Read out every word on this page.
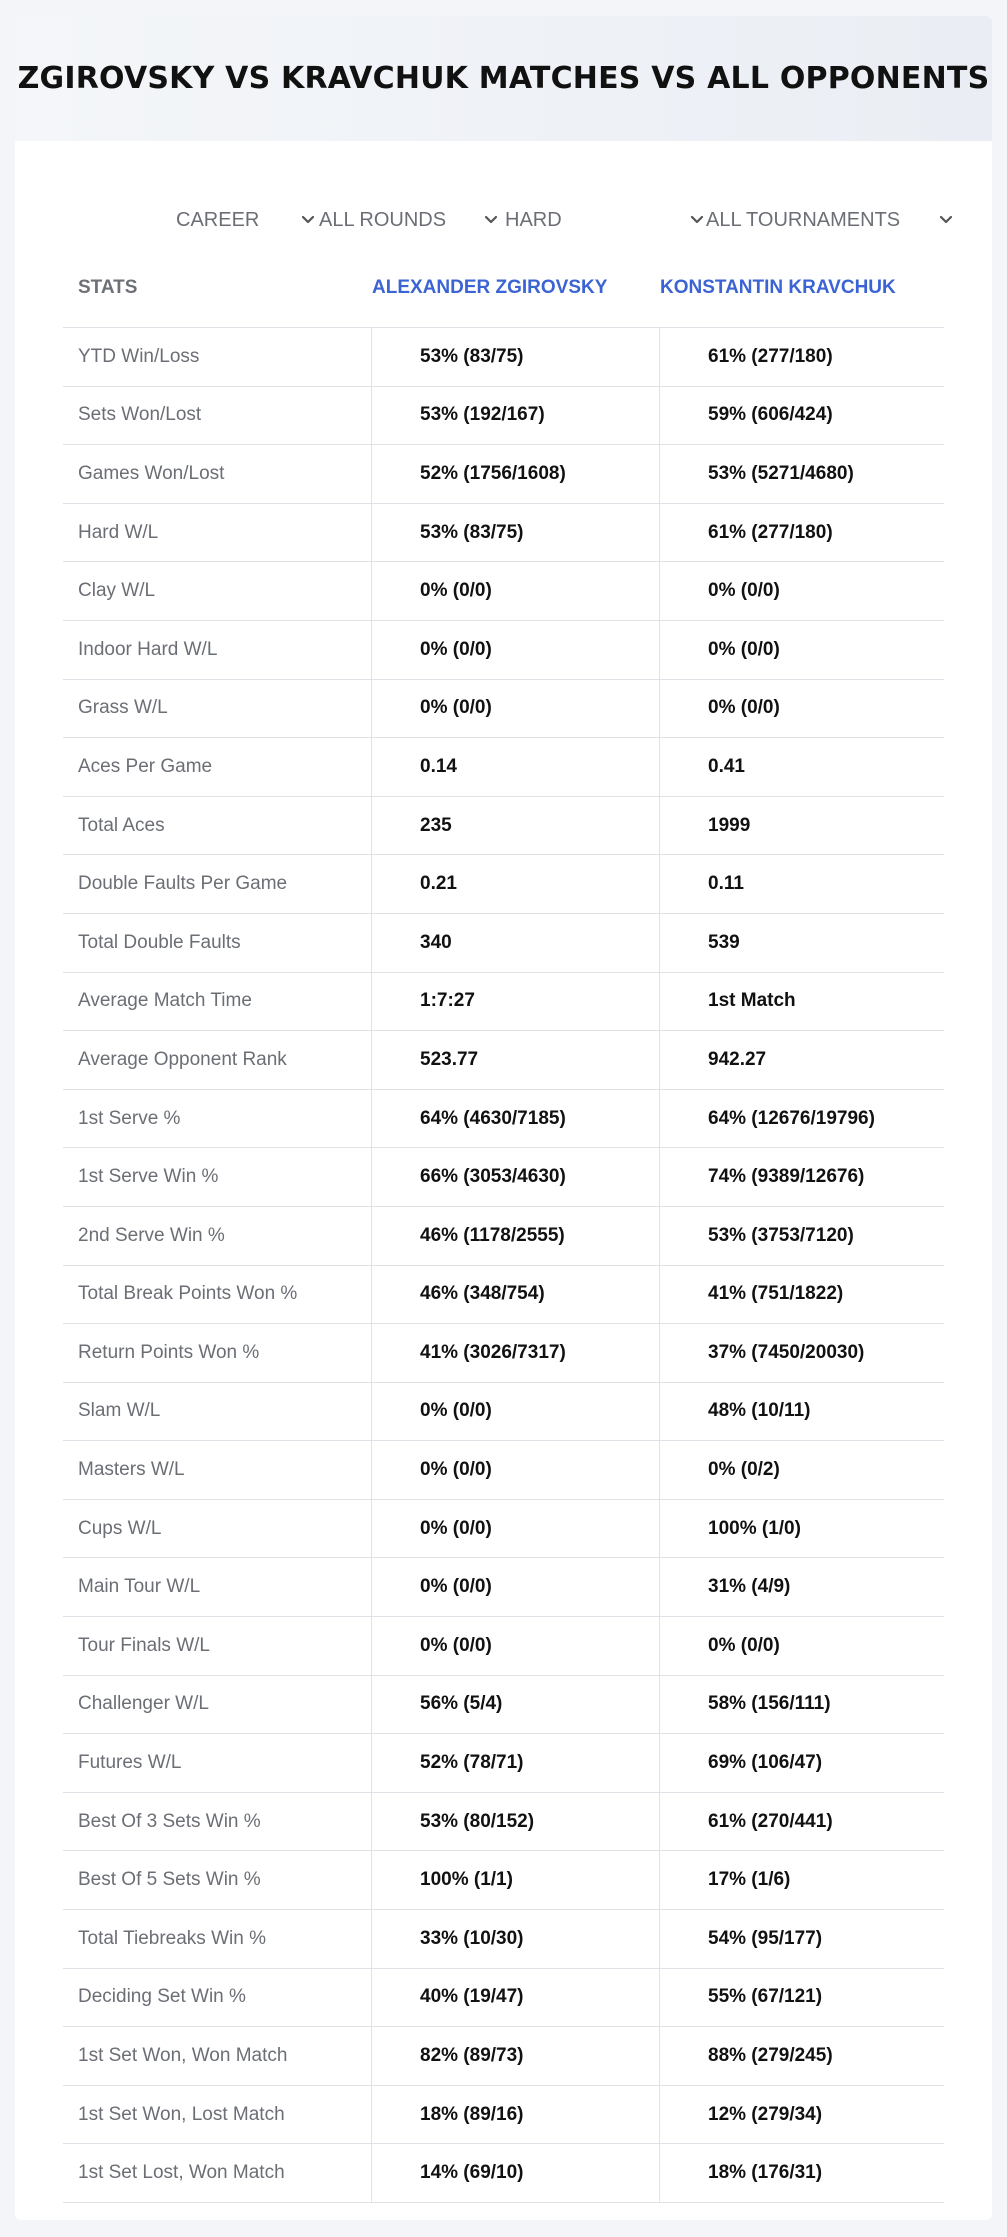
ZGIROVSKY VS KRAVCHUK MATCHES VS ALL OPPONENTS
CAREER	ALL ROUNDS	HARD	ALL TOURNAMENTS
STATS	ALEXANDER ZGIROVSKY	KONSTANTIN KRAVCHUK
YTD Win/Loss	53% (83/75)	61% (277/180)
Sets Won/Lost	53% (192/167)	59% (606/424)
Games Won/Lost	52% (1756/1608)	53% (5271/4680)
Hard W/L	53% (83/75)	61% (277/180)
Clay W/L	0% (0/0)	0% (0/0)
Indoor Hard W/L	0% (0/0)	0% (0/0)
Grass W/L	0% (0/0)	0% (0/0)
Aces Per Game	0.14	0.41
Total Aces	235	1999
Double Faults Per Game	0.21	0.11
Total Double Faults	340	539
Average Match Time	1:7:27	1st Match
Average Opponent Rank	523.77	942.27
1st Serve %	64% (4630/7185)	64% (12676/19796)
1st Serve Win %	66% (3053/4630)	74% (9389/12676)
2nd Serve Win %	46% (1178/2555)	53% (3753/7120)
Total Break Points Won %	46% (348/754)	41% (751/1822)
Return Points Won %	41% (3026/7317)	37% (7450/20030)
Slam W/L	0% (0/0)	48% (10/11)
Masters W/L	0% (0/0)	0% (0/2)
Cups W/L	0% (0/0)	100% (1/0)
Main Tour W/L	0% (0/0)	31% (4/9)
Tour Finals W/L	0% (0/0)	0% (0/0)
Challenger W/L	56% (5/4)	58% (156/111)
Futures W/L	52% (78/71)	69% (106/47)
Best Of 3 Sets Win %	53% (80/152)	61% (270/441)
Best Of 5 Sets Win %	100% (1/1)	17% (1/6)
Total Tiebreaks Win %	33% (10/30)	54% (95/177)
Deciding Set Win %	40% (19/47)	55% (67/121)
1st Set Won, Won Match	82% (89/73)	88% (279/245)
1st Set Won, Lost Match	18% (89/16)	12% (279/34)
1st Set Lost, Won Match	14% (69/10)	18% (176/31)
